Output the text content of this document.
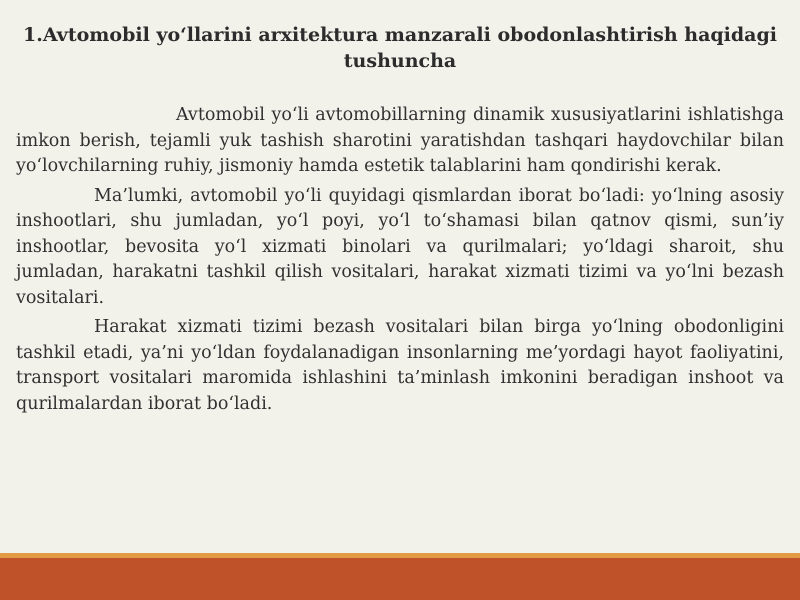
1.Avtomobil yo‘llarini arxitektura manzarali obodonlashtirish haqidagi tushuncha

Avtomobil yo‘li avtomobillarning dinamik xususiyatlarini ishlatishga imkon berish, tejamli yuk tashish sharotini yaratishdan tashqari haydovchilar bilan yo‘lovchilarning ruhiy, jismoniy hamda estetik talablarini ham qondirishi kerak.

Ma’lumki, avtomobil yo‘li quyidagi qismlardan iborat bo‘ladi: yo‘lning asosiy inshootlari, shu jumladan, yo‘l poyi, yo‘l to‘shamasi bilan qatnov qismi, sun’iy inshootlar, bevosita yo‘l xizmati binolari va qurilmalari; yo‘ldagi sharoit, shu jumladan, harakatni tashkil qilish vositalari, harakat xizmati tizimi va yo‘lni bezash vositalari.

Harakat xizmati tizimi bezash vositalari bilan birga yo‘lning obodonligini tashkil etadi, ya’ni yo‘ldan foydalanadigan insonlarning me’yordagi hayot faoliyatini, transport vositalari maromida ishlashini ta’minlash imkonini beradigan inshoot va qurilmalardan iborat bo‘ladi.
